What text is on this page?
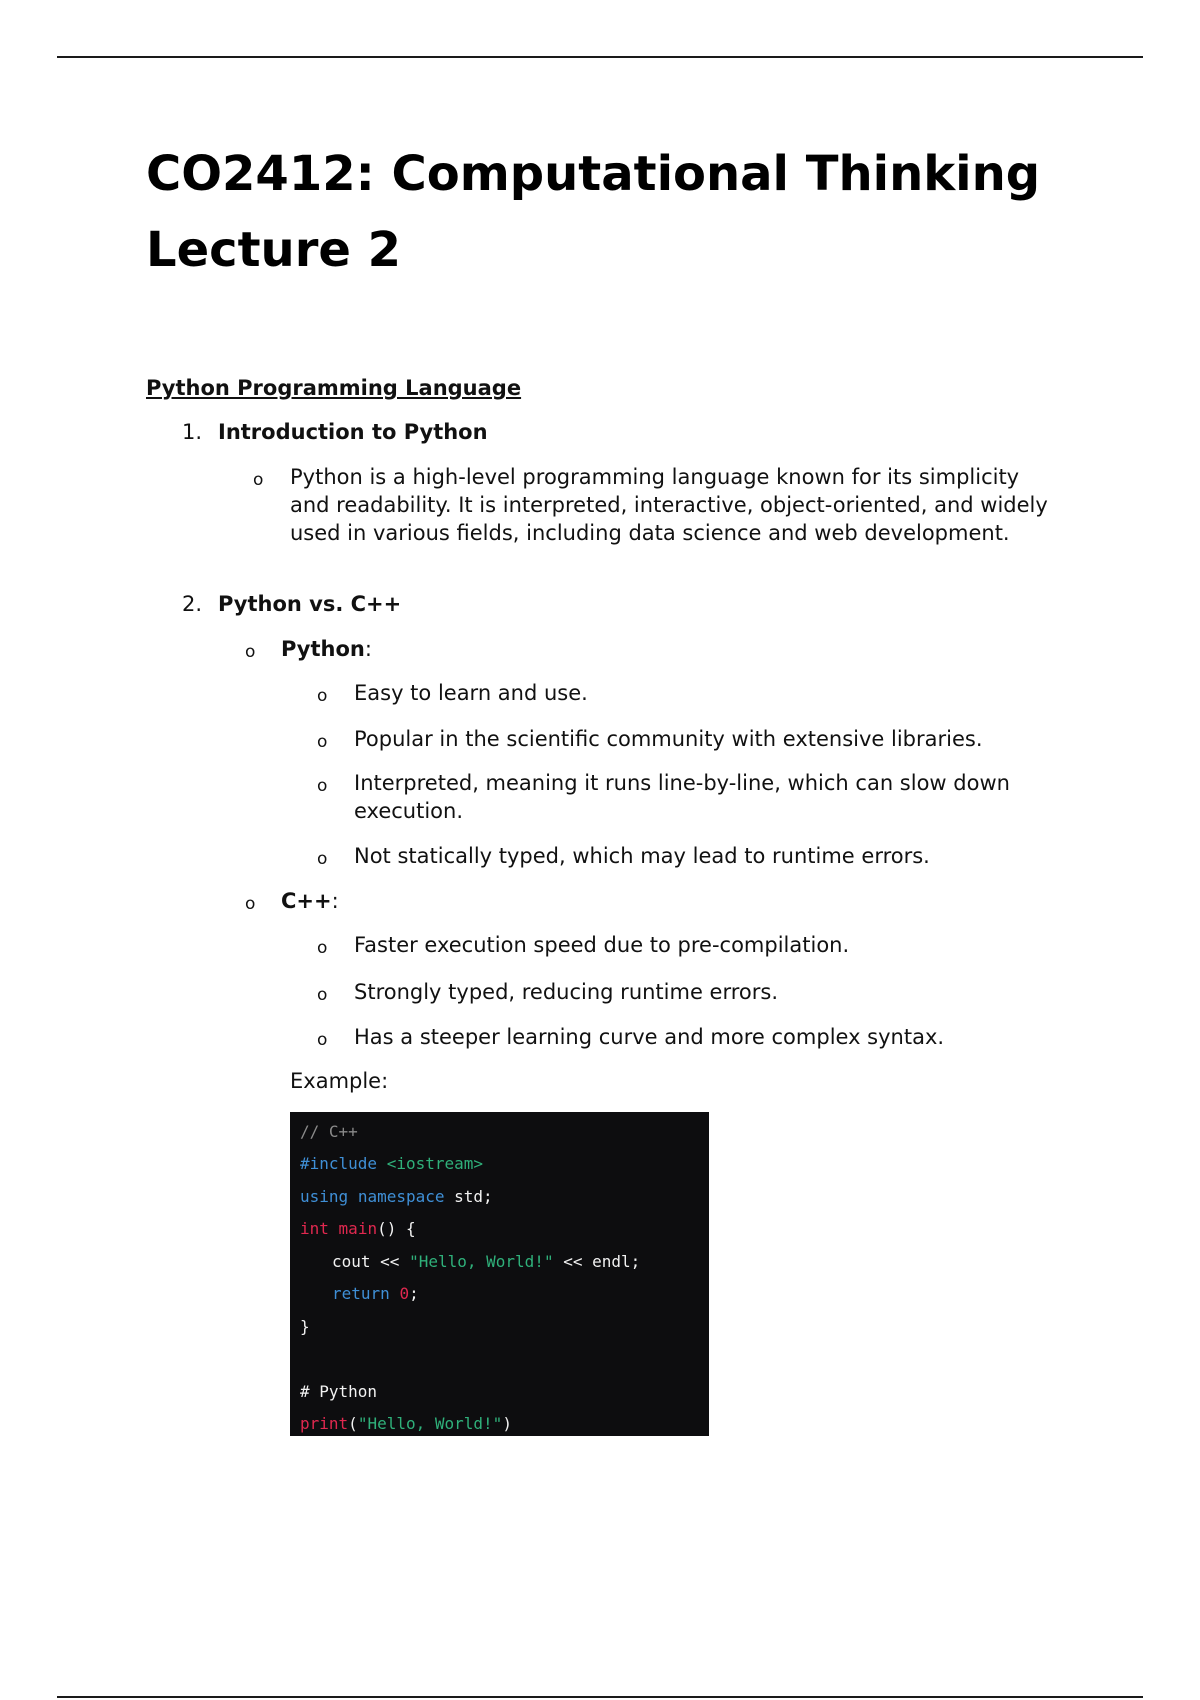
CO2412: Computational Thinking
Lecture 2
Python Programming Language
1. Introduction to Python
o Python is a high-level programming language known for its simplicity and readability. It is interpreted, interactive, object-oriented, and widely used in various fields, including data science and web development.

2. Python vs. C++
o Python:
o Easy to learn and use.
o Popular in the scientific community with extensive libraries.
o Interpreted, meaning it runs line-by-line, which can slow down execution.

o Not statically typed, which may lead to runtime errors.
o C++:
o Faster execution speed due to pre-compilation.
o Strongly typed, reducing runtime errors.
o Has a steeper learning curve and more complex syntax.
Example:
// C++
#include <iostream>
using namespace std;
int main() {
cout << "Hello, World!" << endl;
return 0;
}
# Python
print("Hello, World!")
